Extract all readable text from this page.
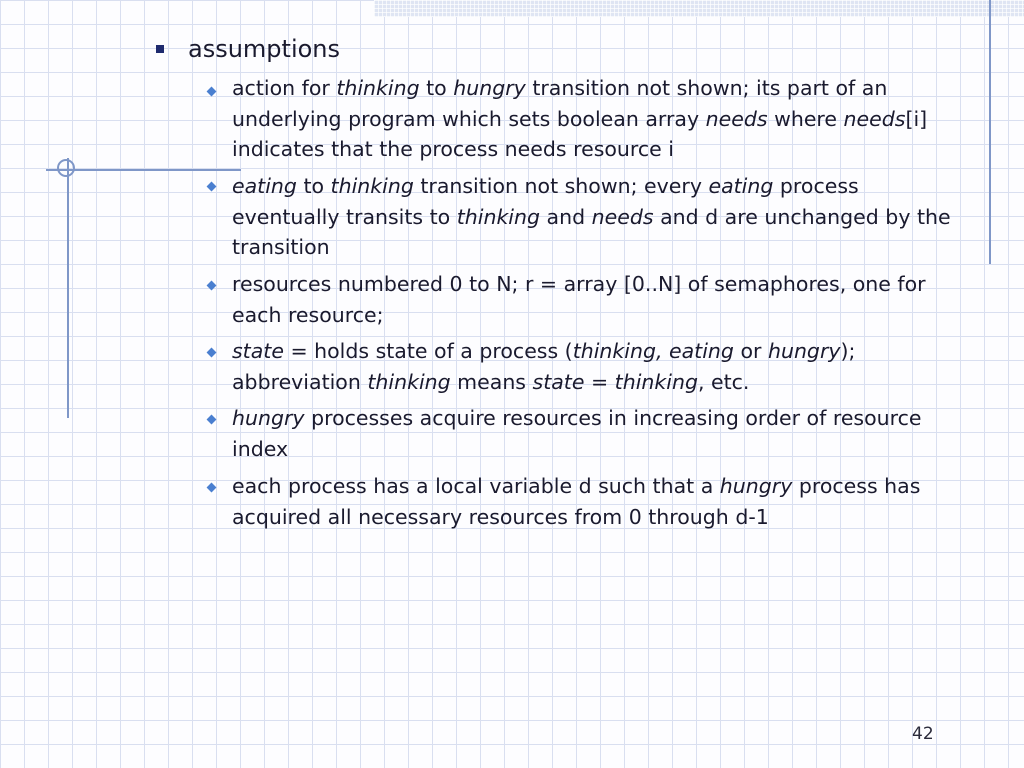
assumptions
action for thinking to hungry transition not shown; its part of an underlying program which sets boolean array needs where needs[i] indicates that the process needs resource i
eating to thinking transition not shown; every eating process eventually transits to thinking and needs and d are unchanged by the transition
resources numbered 0 to N; r = array [0..N] of semaphores, one for each resource;
state = holds state of a process (thinking, eating or hungry); abbreviation thinking means state = thinking, etc.
hungry processes acquire resources in increasing order of resource index
each process has a local variable d such that a hungry process has acquired all necessary resources from 0 through d-1
42
